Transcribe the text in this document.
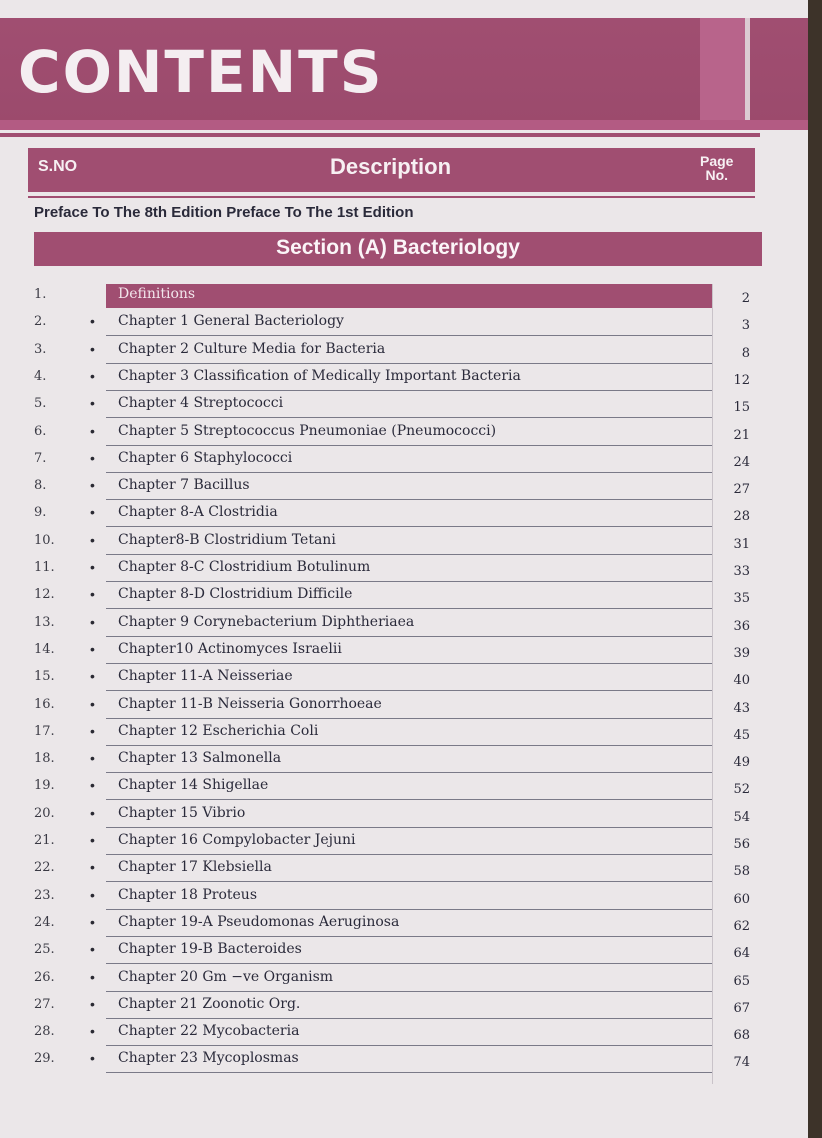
CONTENTS
S.NO	Description	Page
No.
Preface To The 8th Edition Preface To The 1st Edition
Section (A) Bacteriology
1.	Definitions	2
2.	• Chapter 1 General Bacteriology	3
3.	• Chapter 2 Culture Media for Bacteria	8
4.	• Chapter 3 Classification of Medically Important Bacteria	12
5.	• Chapter 4 Streptococci	15
6.	• Chapter 5 Streptococcus Pneumoniae (Pneumococci)	21
7.	• Chapter 6 Staphylococci	24
8.	• Chapter 7 Bacillus	27
9.	• Chapter 8-A Clostridia	28
10.	• Chapter8-B Clostridium Tetani	31
11.	• Chapter 8-C Clostridium Botulinum	33
12.	• Chapter 8-D Clostridium Difficile	35
13.	• Chapter 9 Corynebacterium Diphtheriaea	36
14.	• Chapter10 Actinomyces Israelii	39
15.	• Chapter 11-A Neisseriae	40
16.	• Chapter 11-B Neisseria Gonorrhoeae	43
17.	• Chapter 12 Escherichia Coli	45
18.	• Chapter 13 Salmonella	49
19.	• Chapter 14 Shigellae	52
20.	• Chapter 15 Vibrio	54
21.	• Chapter 16 Compylobacter Jejuni	56
22.	• Chapter 17 Klebsiella	58
23.	• Chapter 18 Proteus	60
24.	• Chapter 19-A Pseudomonas Aeruginosa	62
25.	• Chapter 19-B Bacteroides	64
26.	• Chapter 20 Gm −ve Organism	65
27.	• Chapter 21 Zoonotic Org.	67
28.	• Chapter 22 Mycobacteria	68
29.	• Chapter 23 Mycoplosmas	74
